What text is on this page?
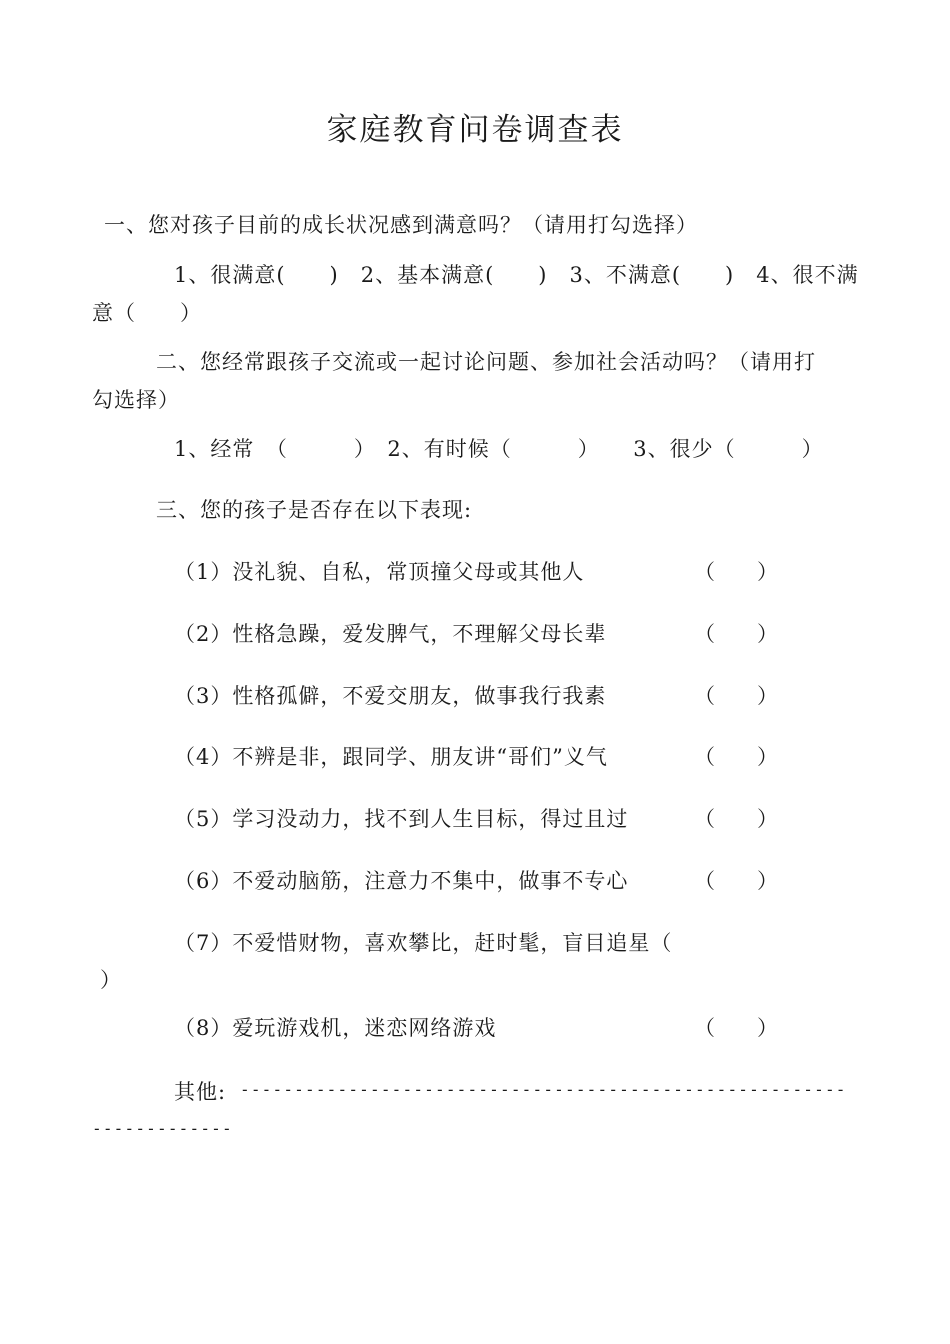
家庭教育问卷调查表
一、您对孩子目前的成长状况感到满意吗？（请用打勾选择）
1、很满意(　　)　2、基本满意(　　)　3、不满意(　　)　4、很不满
意（　　）
二、您经常跟孩子交流或一起讨论问题、参加社会活动吗？（请用打
勾选择）
1、经常　（　　　）　2、有时候（　　　）　　3、很少（　　　）
三、您的孩子是否存在以下表现:
（1）没礼貌、自私，常顶撞父母或其他人	（　　）
（2）性格急躁，爱发脾气，不理解父母长辈	（　　）
（3）性格孤僻，不爱交朋友，做事我行我素	（　　）
（4）不辨是非，跟同学、朋友讲“哥们”义气	（　　）
（5）学习没动力，找不到人生目标，得过且过	（　　）
（6）不爱动脑筋，注意力不集中，做事不专心	（　　）
（7）不爱惜财物，喜欢攀比，赶时髦，盲目追星（
）
（8）爱玩游戏机，迷恋网络游戏	（　　）
其他: --------------------------------------------------------
-------------
